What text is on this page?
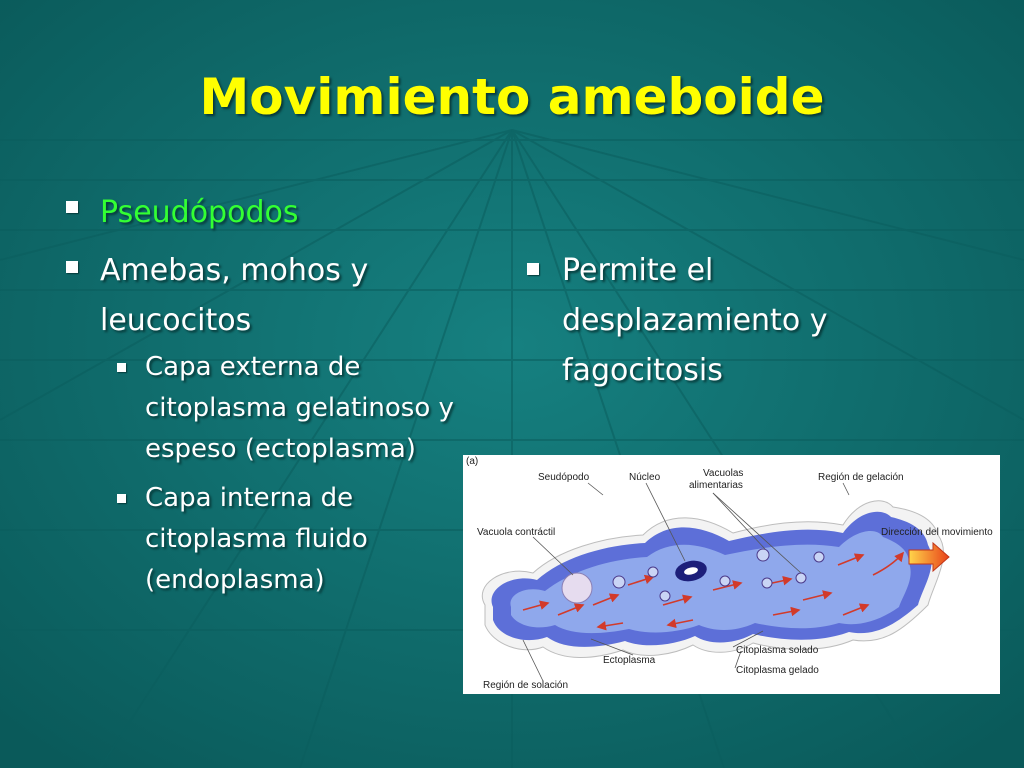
Movimiento ameboide
Pseudópodos
Amebas, mohos y
leucocitos
Capa externa de
citoplasma gelatinoso y
espeso (ectoplasma)
Capa interna de
citoplasma fluido
(endoplasma)
Permite el
desplazamiento y
fagocitosis
(a)
Seudópodo	Núcleo	Vacuolas
alimentarias
Región de gelación
Vacuola contráctil	Dirección del movimiento
Ectoplasma
Citoplasma solado
Citoplasma gelado
Región de solación
